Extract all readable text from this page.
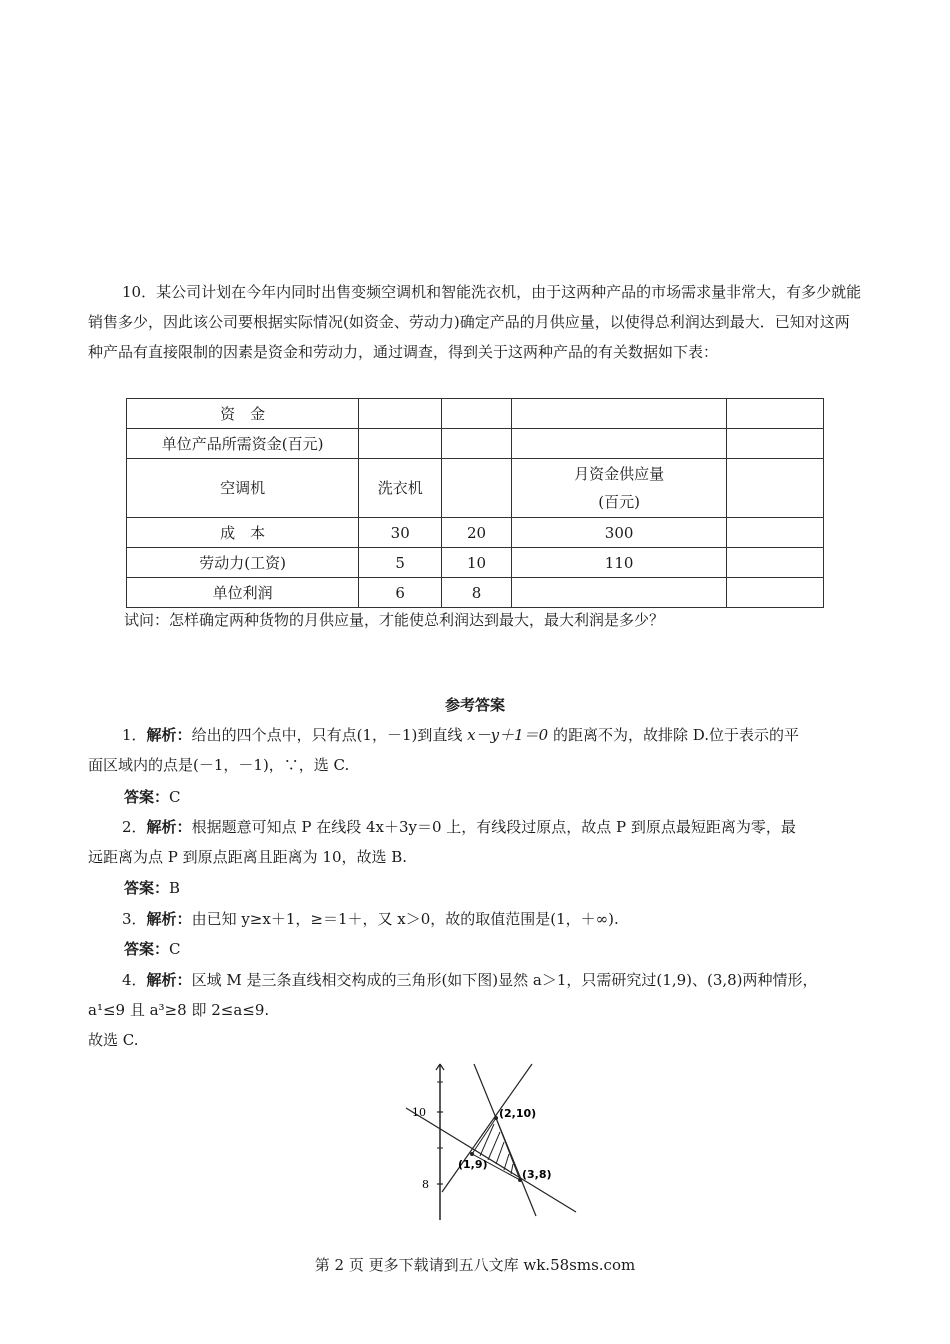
10．某公司计划在今年内同时出售变频空调机和智能洗衣机，由于这两种产品的市场需求量非常大，有多少就能销售多少，因此该公司要根据实际情况(如资金、劳动力)确定产品的月供应量，以使得总利润达到最大．已知对这两种产品有直接限制的因素是资金和劳动力，通过调查，得到关于这两种产品的有关数据如下表：

资　金				
单位产品所需资金(百元)				
空调机	洗衣机		月资金供应量
(百元)	

成　本	30	20	300	
劳动力(工资)	5	10	110	
单位利润	6	8		

试问：怎样确定两种货物的月供应量，才能使总利润达到最大，最大利润是多少？

参考答案

1．解析：给出的四个点中，只有点(1，－1)到直线 x－y＋1＝0 的距离不为，故排除 D.位于表示的平
面区域内的点是(－1，－1)，∵，选 C.

答案：C

2．解析：根据题意可知点 P 在线段 4x＋3y＝0 上，有线段过原点，故点 P 到原点最短距离为零，最
远距离为点 P 到原点距离且距离为 10，故选 B.

答案：B

3．解析：由已知 y≥x＋1，≥＝1＋，又 x＞0，故的取值范围是(1，＋∞).

答案：C

4．解析：区域 M 是三条直线相交构成的三角形(如下图)显然 a＞1，只需研究过(1,9)、(3,8)两种情形，
a¹≤9 且 a³≥8 即 2≤a≤9.
故选 C.

10
8
(2,10)
(1,9)
(3,8)
第 2 页 更多下载请到五八文库 wk.58sms.com
